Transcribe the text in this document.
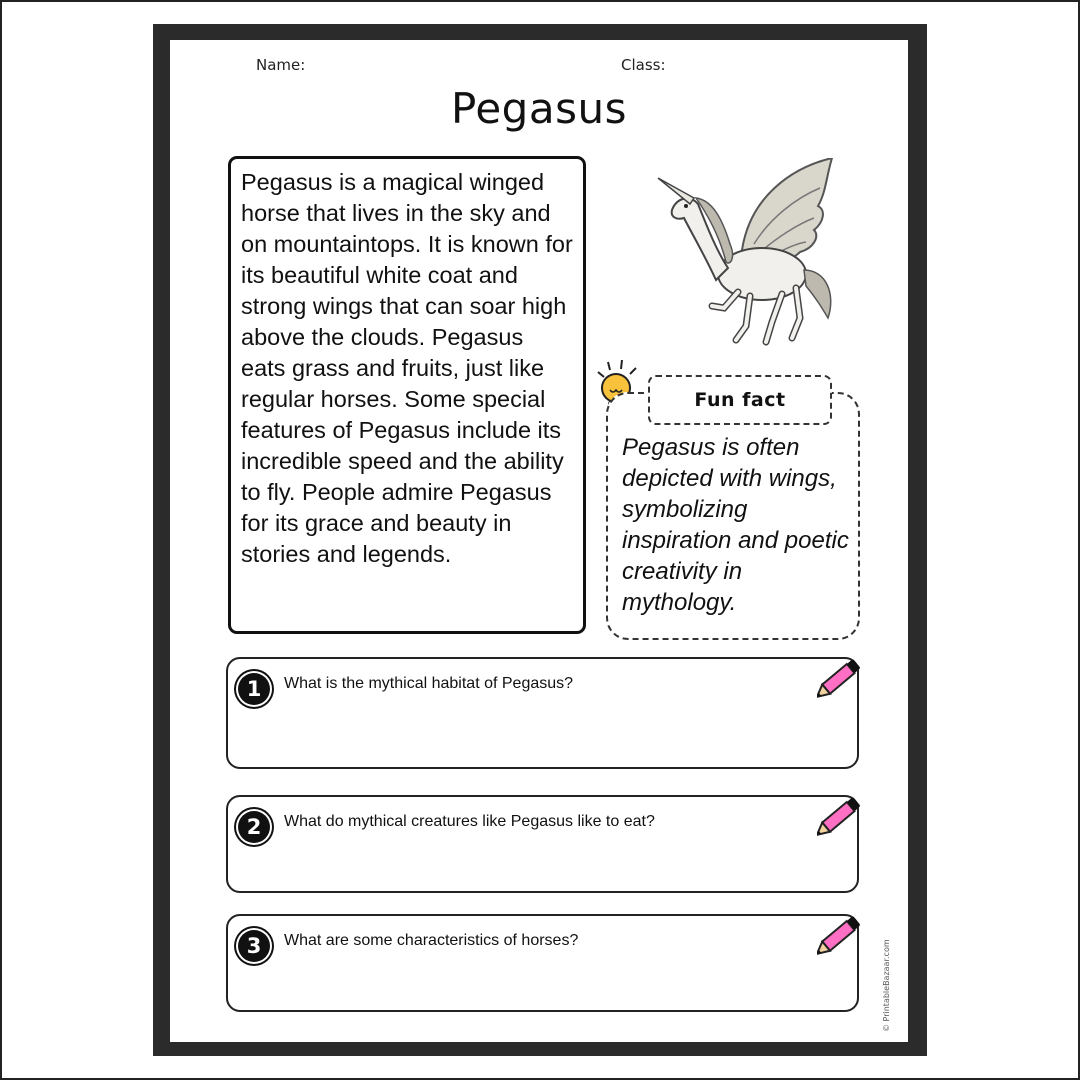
Name:	Class:
Pegasus

Pegasus is a magical winged horse that lives in the sky and on mountaintops. It is known for its beautiful white coat and strong wings that can soar high above the clouds. Pegasus eats grass and fruits, just like regular horses. Some special features of Pegasus include its incredible speed and the ability to fly. People admire Pegasus for its grace and beauty in stories and legends.

Fun fact

Pegasus is often depicted with wings, symbolizing inspiration and poetic creativity in mythology.

1	What is the mythical habitat of Pegasus?
2	What do mythical creatures like Pegasus like to eat?
3	What are some characteristics of horses?	© PrintableBazaar.com
